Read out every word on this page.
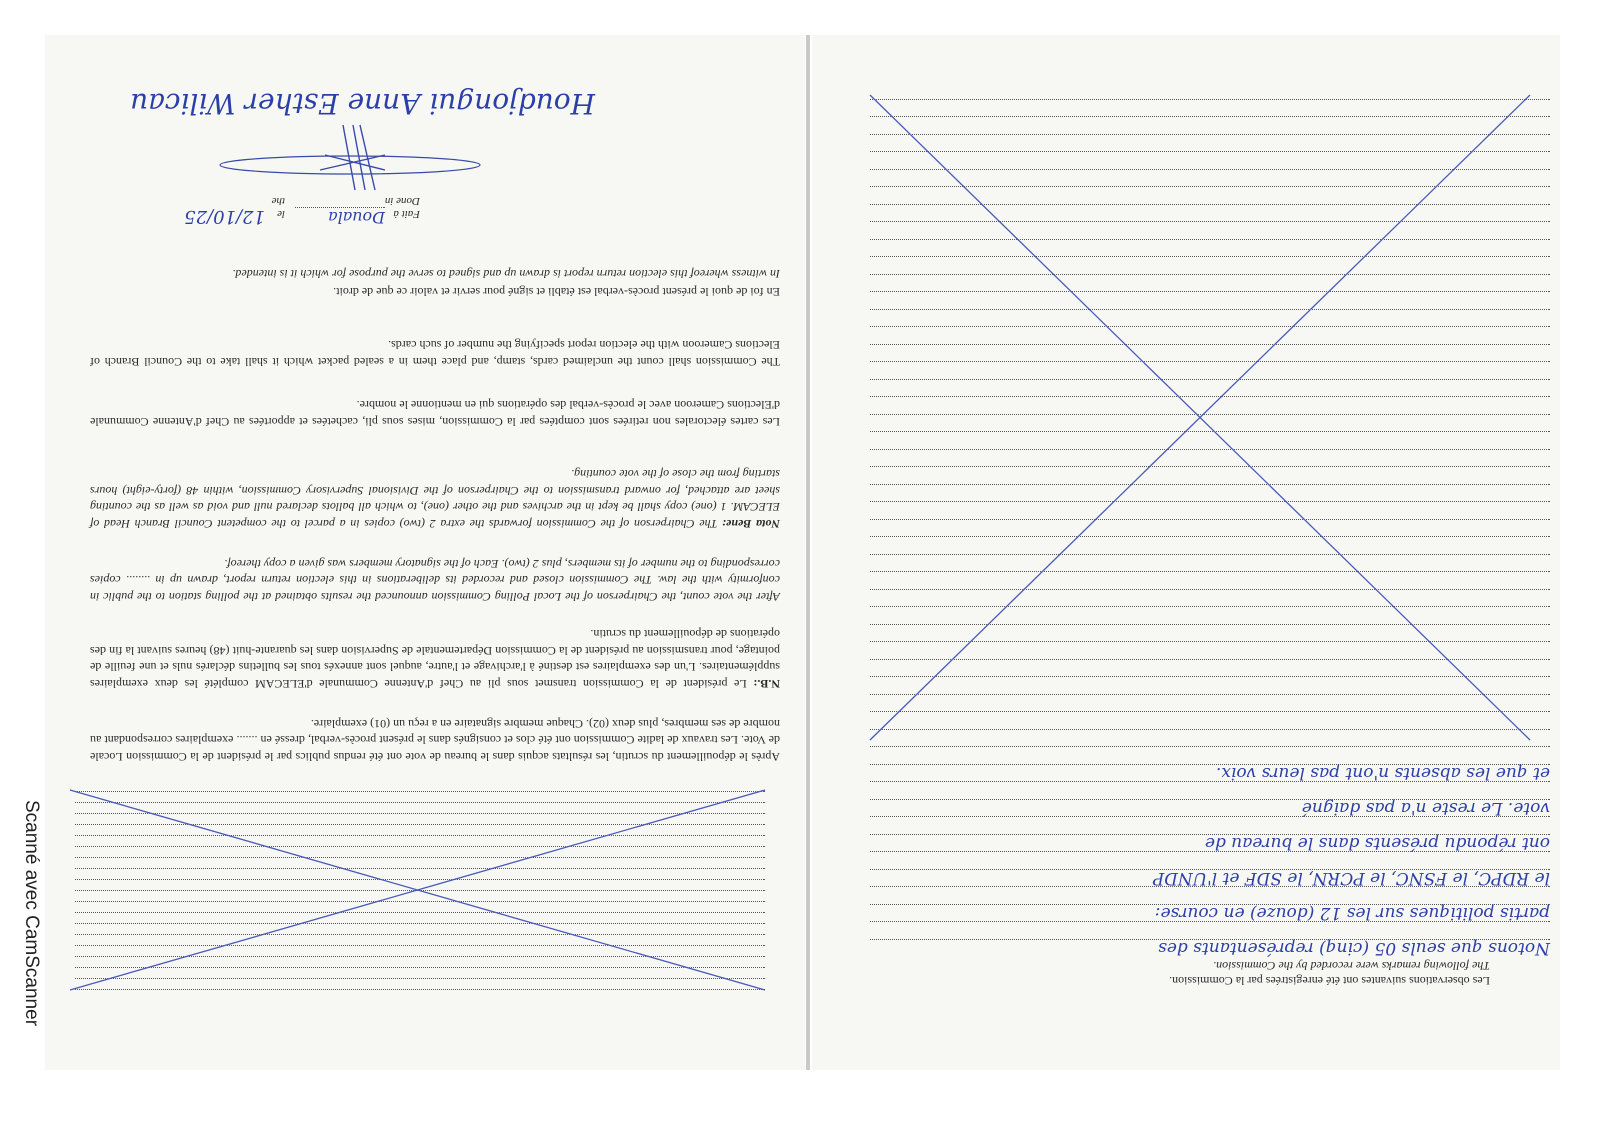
Après le dépouillement du scrutin, les résultats acquis dans le bureau de vote ont été rendus publics par le président de la Commission Locale de Vote. Les travaux de ladite Commission ont été clos et consignés dans le présent procès-verbal, dressé en ....... exemplaires correspondant au nombre de ses membres, plus deux (02). Chaque membre signataire en a reçu un (01) exemplaire.
N.B.: Le président de la Commission transmet sous pli au Chef d'Antenne Communale d'ELECAM complété les deux exemplaires supplémentaires. L'un des exemplaires est destiné à l'archivage et l'autre, auquel sont annexés tous les bulletins déclarés nuls et une feuille de pointage, pour transmission au président de la Commission Départementale de Supervision dans les quarante-huit (48) heures suivant la fin des opérations de dépouillement du scrutin.
After the vote count, the Chairperson of the Local Polling Commission announced the results obtained at the polling station to the public in conformity with the law. The Commission closed and recorded its deliberations in this election return report, drawn up in ........ copies corresponding to the number of its members, plus 2 (two). Each of the signatory members was given a copy thereof.
Nota Bene: The Chairperson of the Commission forwards the extra 2 (two) copies in a parcel to the competent Council Branch Head of ELECAM. 1 (one) copy shall be kept in the archives and the other (one), to which all ballots declared null and void as well as the counting sheet are attached, for onward transmission to the Chairperson of the Divisional Supervisory Commission, within 48 (forty-eight) hours starting from the close of the vote counting.
Les cartes électorales non retirées sont comptées par la Commission, mises sous pli, cachetées et apportées au Chef d'Antenne Communale d'Elections Cameroon avec le procès-verbal des opérations qui en mentionne le nombre.
The Commission shall count the unclaimed cards, stamp, and place them in a sealed packet which it shall take to the Council Branch of Elections Cameroon with the election report specifying the number of such cards.
En foi de quoi le présent procès-verbal est établi et signé pour servir et valoir ce que de droit.
In witness whereof this election return report is drawn up and signed to serve the purpose for which it is intended.
Fait à
Done in
Douala
le
the
12/10/25
Houdjongui Anne Esther Wilicau
Les observations suivantes ont été enregistrées par la Commission.
The following remarks were recorded by the Commission.
Notons que seuls 05 (cinq) représentants des
partis politiques sur les 12 (douze) en course:
le RDPC, le FSNC, le PCRN, le SDF et l'UNDP
ont répondu présents dans le bureau de
vote. Le reste n'a pas daigné
et que les absents n'ont pas leurs voix.
Scanné avec CamScanner
